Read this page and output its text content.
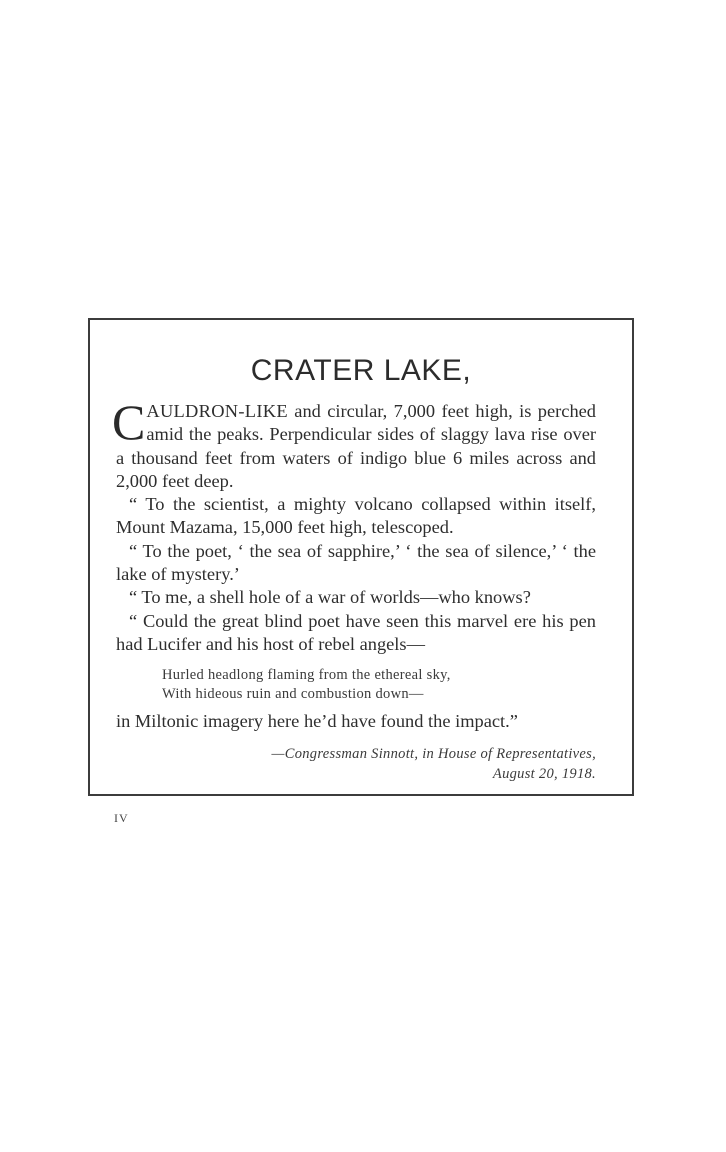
CRATER LAKE,

CAULDRON-LIKE and circular, 7,000 feet high, is perched amid the peaks. Perpendicular sides of slaggy lava rise over a thousand feet from waters of indigo blue 6 miles across and 2,000 feet deep.

“ To the scientist, a mighty volcano collapsed within itself, Mount Mazama, 15,000 feet high, telescoped.

“ To the poet, ‘ the sea of sapphire,’ ‘ the sea of silence,’ ‘ the lake of mystery.’

“ To me, a shell hole of a war of worlds—who knows?

“ Could the great blind poet have seen this marvel ere his pen had Lucifer and his host of rebel angels—

Hurled headlong flaming from the ethereal sky,
With hideous ruin and combustion down—

in Miltonic imagery here he’d have found the impact.”

—Congressman Sinnott, in House of Representatives,
August 20, 1918.
IV
